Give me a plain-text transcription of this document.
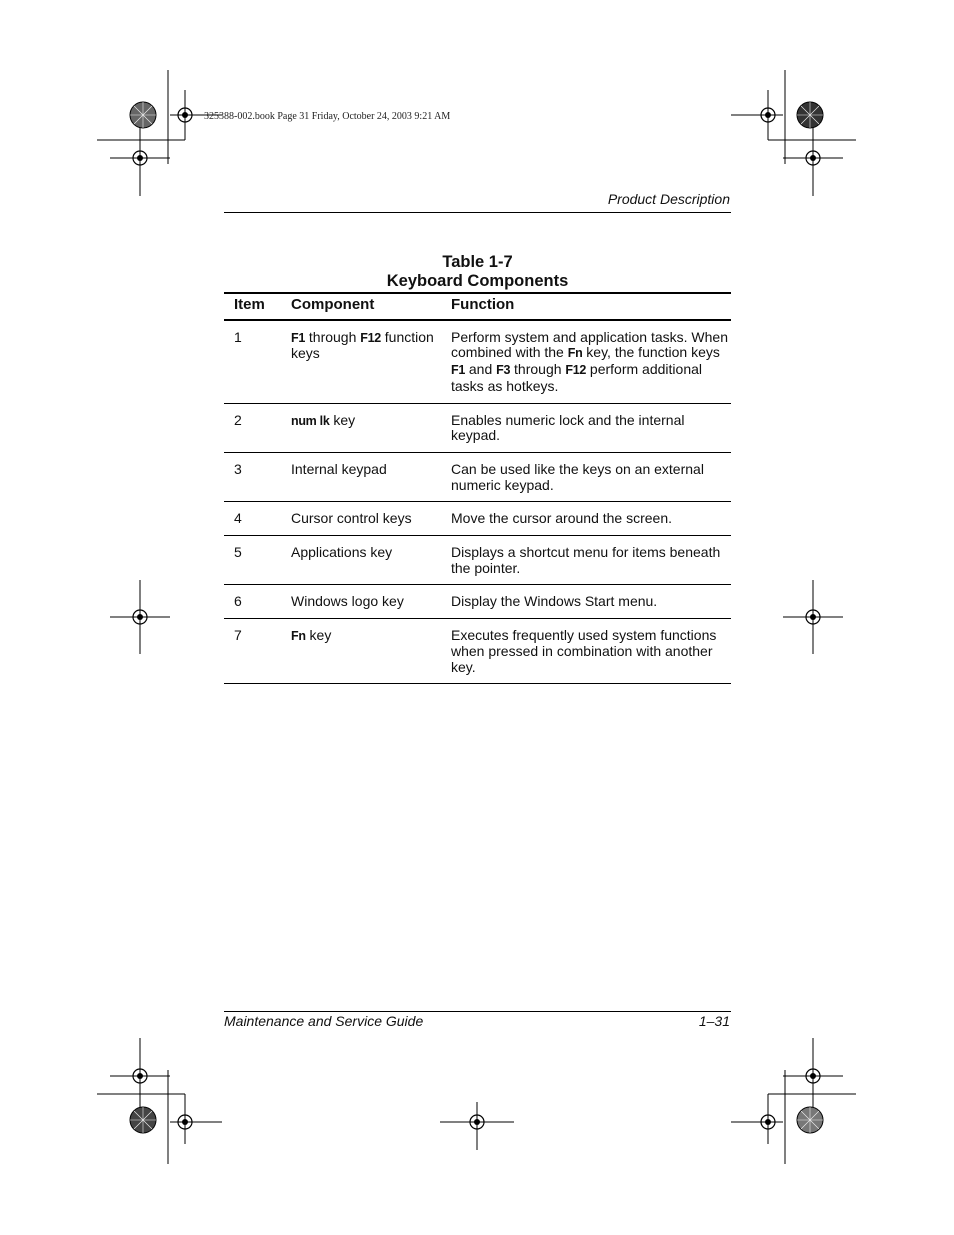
325388-002.book Page 31 Friday, October 24, 2003 9:21 AM
Product Description
Table 1-7
Keyboard Components
Item	Component	Function
1	F1 through F12 function keys	Perform system and application tasks. When combined with the Fn key, the function keys F1 and F3 through F12 perform additional tasks as hotkeys.
2	num lk key	Enables numeric lock and the internal keypad.
3	Internal keypad	Can be used like the keys on an external numeric keypad.
4	Cursor control keys	Move the cursor around the screen.
5	Applications key	Displays a shortcut menu for items beneath the pointer.
6	Windows logo key	Display the Windows Start menu.
7	Fn key	Executes frequently used system functions when pressed in combination with another key.
Maintenance and Service Guide	1–31
